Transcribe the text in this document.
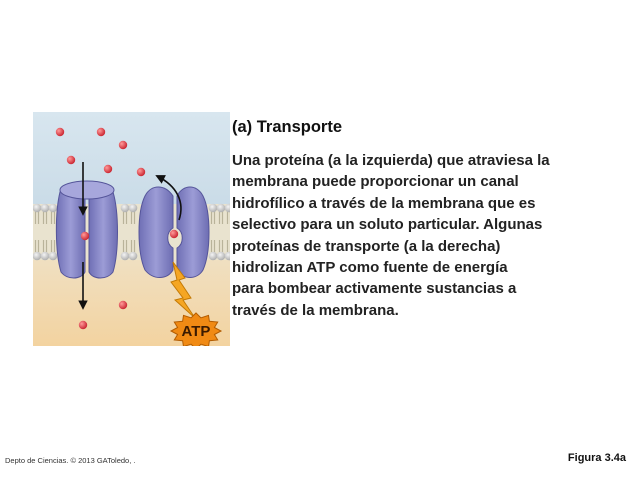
ATP
(a) Transporte
Una proteína (a la izquierda) que atraviesa la
membrana puede proporcionar un canal
hidrofílico a través de la membrana que es
selectivo para un soluto particular. Algunas
proteínas de transporte (a la derecha)
hidrolizan ATP como fuente de energía
para bombear activamente sustancias a
través de la membrana.
Depto de Ciencias. © 2013 GAToledo, .	Figura 3.4a
